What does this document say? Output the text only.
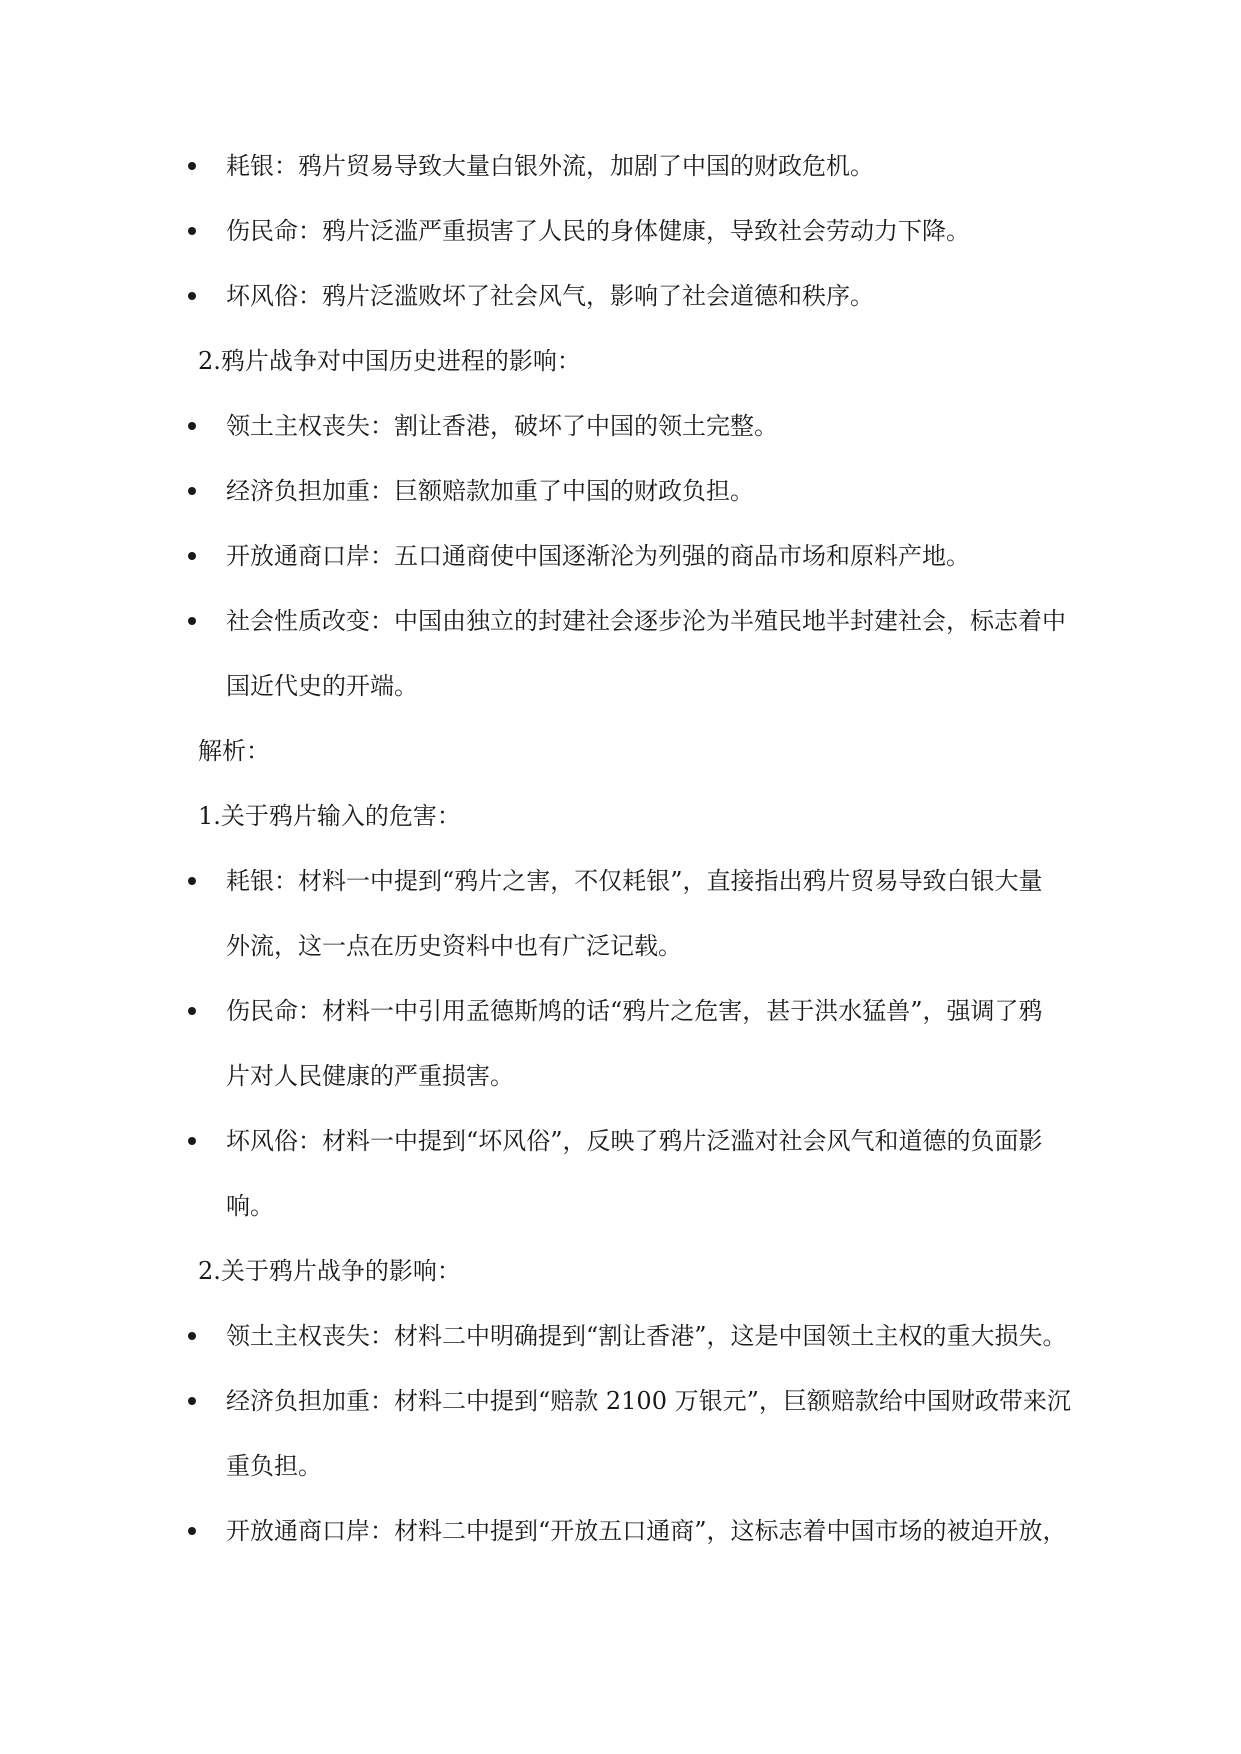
耗银：鸦片贸易导致大量白银外流，加剧了中国的财政危机。
伤民命：鸦片泛滥严重损害了人民的身体健康，导致社会劳动力下降。
坏风俗：鸦片泛滥败坏了社会风气，影响了社会道德和秩序。
2.鸦片战争对中国历史进程的影响：
领土主权丧失：割让香港，破坏了中国的领土完整。
经济负担加重：巨额赔款加重了中国的财政负担。
开放通商口岸：五口通商使中国逐渐沦为列强的商品市场和原料产地。
社会性质改变：中国由独立的封建社会逐步沦为半殖民地半封建社会，标志着中
国近代史的开端。
解析：
1.关于鸦片输入的危害：
耗银：材料一中提到“鸦片之害，不仅耗银”，直接指出鸦片贸易导致白银大量
外流，这一点在历史资料中也有广泛记载。
伤民命：材料一中引用孟德斯鸠的话“鸦片之危害，甚于洪水猛兽”，强调了鸦
片对人民健康的严重损害。
坏风俗：材料一中提到“坏风俗”，反映了鸦片泛滥对社会风气和道德的负面影
响。
2.关于鸦片战争的影响：
领土主权丧失：材料二中明确提到“割让香港”，这是中国领土主权的重大损失。
经济负担加重：材料二中提到“赔款 2100 万银元”，巨额赔款给中国财政带来沉
重负担。
开放通商口岸：材料二中提到“开放五口通商”，这标志着中国市场的被迫开放，
